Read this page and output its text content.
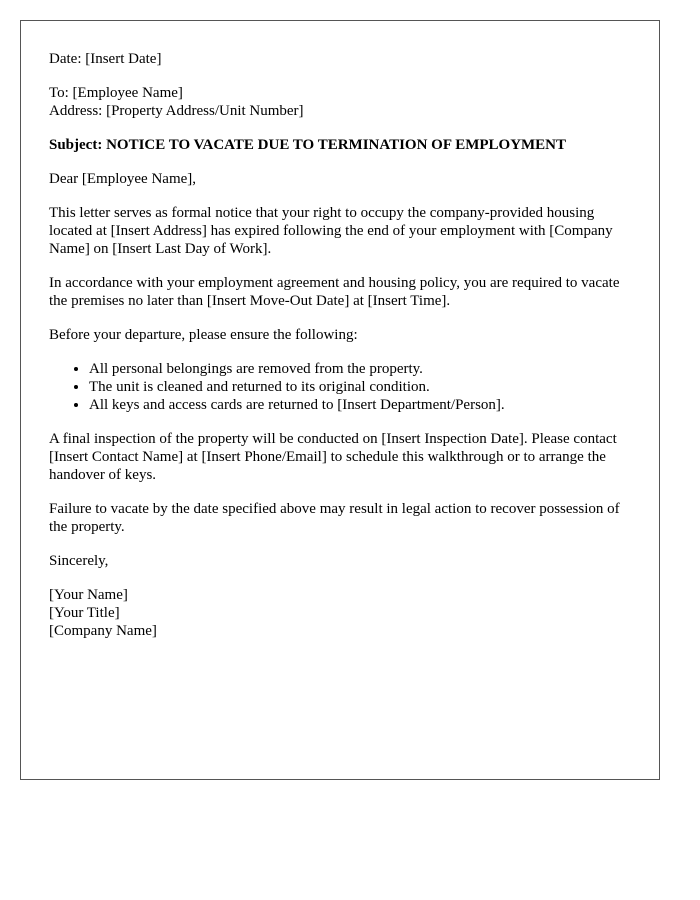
Date: [Insert Date]
To: [Employee Name]
Address: [Property Address/Unit Number]
Subject: NOTICE TO VACATE DUE TO TERMINATION OF EMPLOYMENT
Dear [Employee Name],
This letter serves as formal notice that your right to occupy the company-provided housing located at [Insert Address] has expired following the end of your employment with [Company Name] on [Insert Last Day of Work].
In accordance with your employment agreement and housing policy, you are required to vacate the premises no later than [Insert Move-Out Date] at [Insert Time].
Before your departure, please ensure the following:
• All personal belongings are removed from the property.
• The unit is cleaned and returned to its original condition.
• All keys and access cards are returned to [Insert Department/Person].
A final inspection of the property will be conducted on [Insert Inspection Date]. Please contact [Insert Contact Name] at [Insert Phone/Email] to schedule this walkthrough or to arrange the handover of keys.
Failure to vacate by the date specified above may result in legal action to recover possession of the property.
Sincerely,
[Your Name]
[Your Title]
[Company Name]
